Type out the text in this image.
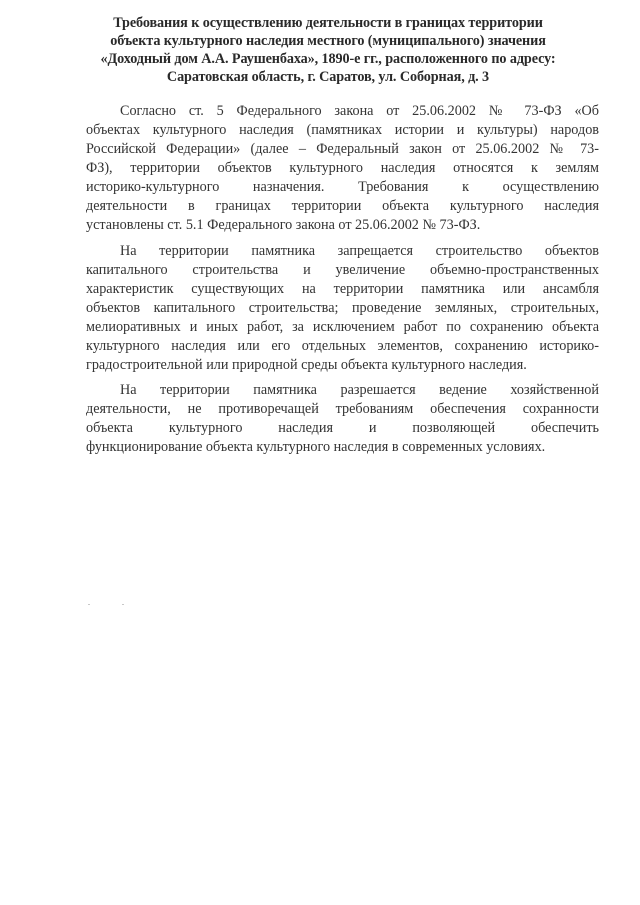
Требования к осуществлению деятельности в границах территории
объекта культурного наследия местного (муниципального) значения
«Доходный дом А.А. Раушенбаха», 1890-е гг., расположенного по адресу:
Саратовская область, г. Саратов, ул. Соборная, д. 3
Согласно ст. 5 Федерального закона от 25.06.2002 № 73-ФЗ «Об
объектах культурного наследия (памятниках истории и культуры) народов
Российской Федерации» (далее – Федеральный закон от 25.06.2002 № 73-
ФЗ), территории объектов культурного наследия относятся к землям
историко-культурного назначения. Требования к осуществлению
деятельности в границах территории объекта культурного наследия
установлены ст. 5.1 Федерального закона от 25.06.2002 № 73-ФЗ.
На территории памятника запрещается строительство объектов
капитального строительства и увеличение объемно-пространственных
характеристик существующих на территории памятника или ансамбля
объектов капитального строительства; проведение земляных, строительных,
мелиоративных и иных работ, за исключением работ по сохранению объекта
культурного наследия или его отдельных элементов, сохранению историко-
градостроительной или природной среды объекта культурного наследия.
На территории памятника разрешается ведение хозяйственной
деятельности, не противоречащей требованиям обеспечения сохранности
объекта культурного наследия и позволяющей обеспечить
функционирование объекта культурного наследия в современных условиях.
